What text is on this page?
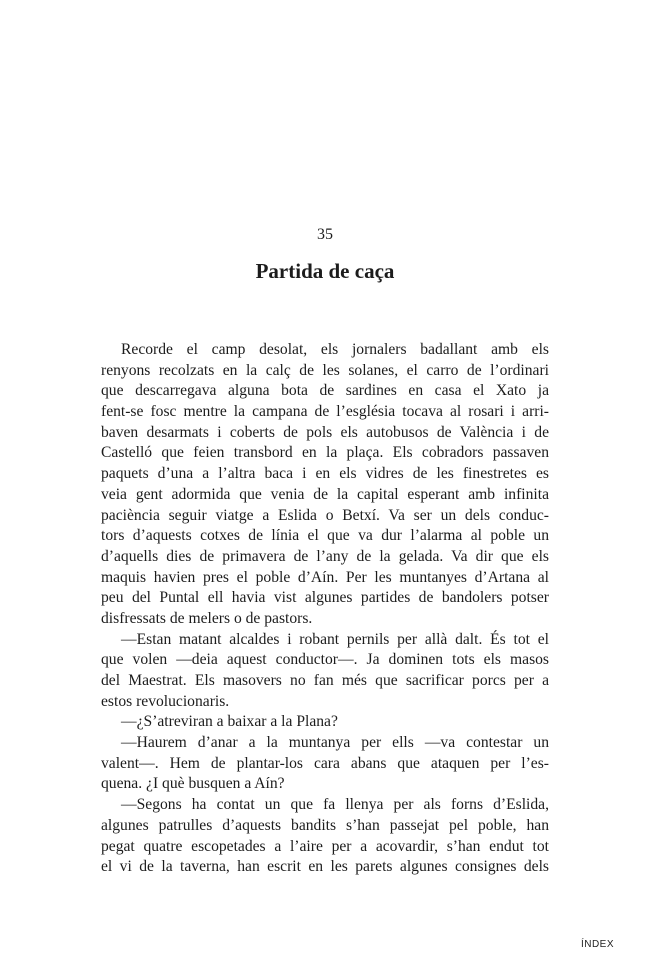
35
Partida de caça
Recorde el camp desolat, els jornalers badallant amb els
renyons recolzats en la calç de les solanes, el carro de l’ordinari
que descarregava alguna bota de sardines en casa el Xato ja
fent-se fosc mentre la campana de l’església tocava al rosari i arri-
baven desarmats i coberts de pols els autobusos de València i de
Castelló que feien transbord en la plaça. Els cobradors passaven
paquets d’una a l’altra baca i en els vidres de les finestretes es
veia gent adormida que venia de la capital esperant amb infinita
paciència seguir viatge a Eslida o Betxí. Va ser un dels conduc-
tors d’aquests cotxes de línia el que va dur l’alarma al poble un
d’aquells dies de primavera de l’any de la gelada. Va dir que els
maquis havien pres el poble d’Aín. Per les muntanyes d’Artana al
peu del Puntal ell havia vist algunes partides de bandolers potser
disfressats de melers o de pastors.
—Estan matant alcaldes i robant pernils per allà dalt. És tot el
que volen —deia aquest conductor—. Ja dominen tots els masos
del Maestrat. Els masovers no fan més que sacrificar porcs per a
estos revolucionaris.
—¿S’atreviran a baixar a la Plana?
—Haurem d’anar a la muntanya per ells —va contestar un
valent—. Hem de plantar-los cara abans que ataquen per l’es-
quena. ¿I què busquen a Aín?
—Segons ha contat un que fa llenya per als forns d’Eslida,
algunes patrulles d’aquests bandits s’han passejat pel poble, han
pegat quatre escopetades a l’aire per a acovardir, s’han endut tot
el vi de la taverna, han escrit en les parets algunes consignes dels
ÍNDEX
